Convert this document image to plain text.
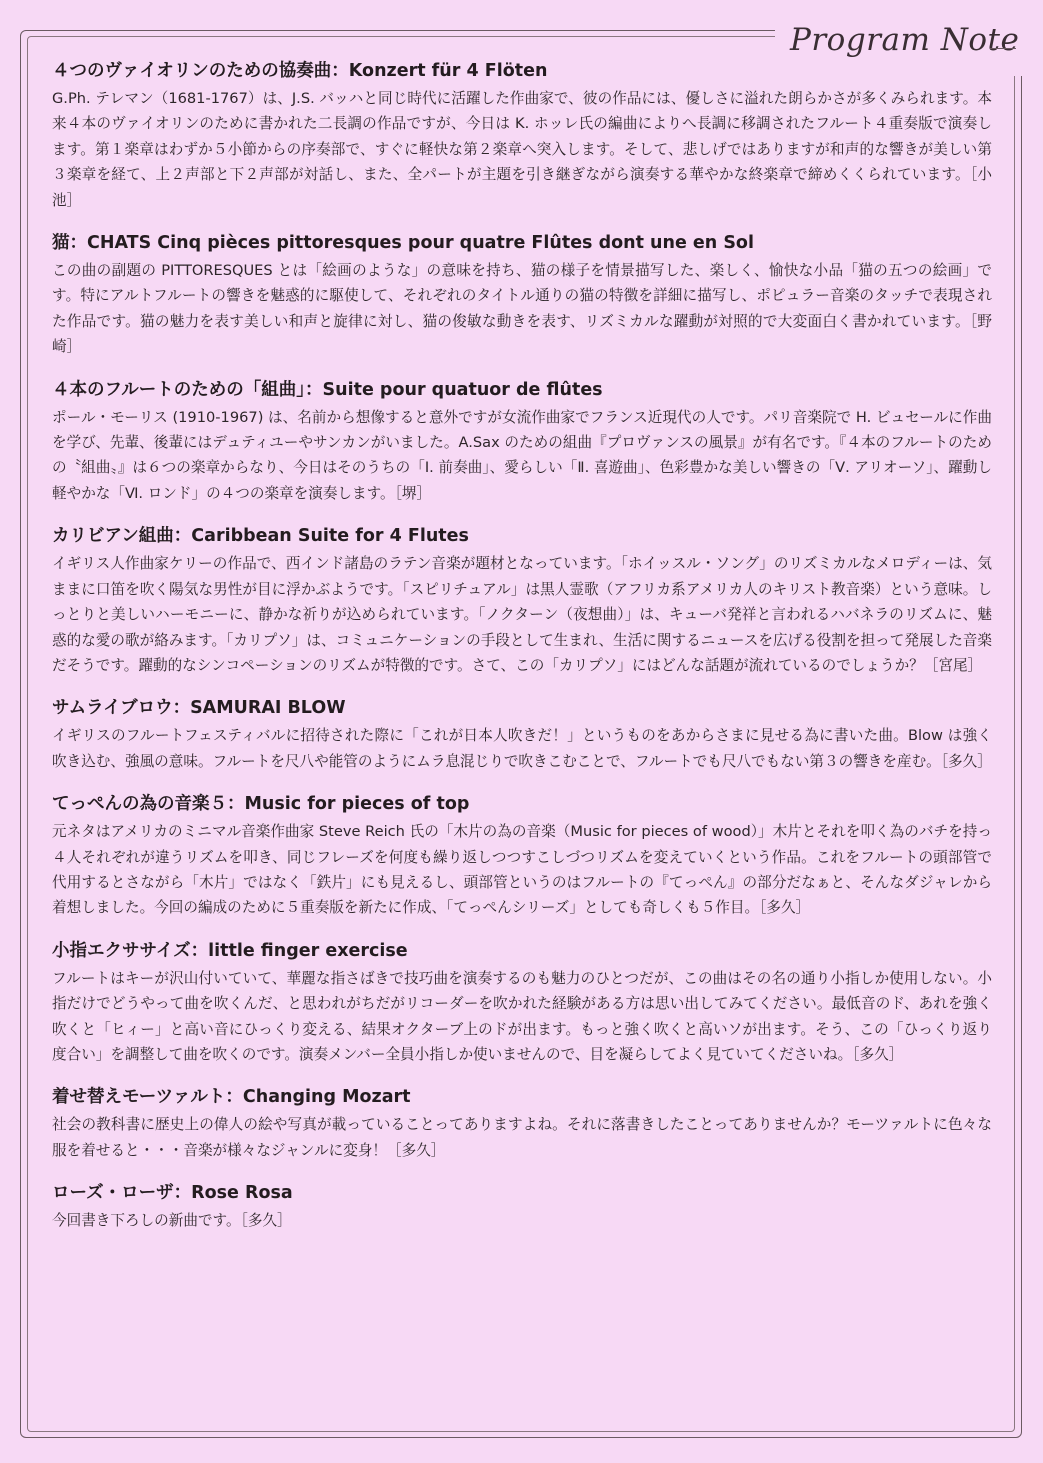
Program Note
４つのヴァイオリンのための協奏曲：Konzert für 4 Flöten
G.Ph. テレマン（1681-1767）は、J.S. バッハと同じ時代に活躍した作曲家で、彼の作品には、優しさに溢れた朗らかさが多くみられます。本来４本のヴァイオリンのために書かれた二長調の作品ですが、今日は K. ホッレ氏の編曲によりへ長調に移調されたフルート４重奏版で演奏します。第１楽章はわずか５小節からの序奏部で、すぐに軽快な第２楽章へ突入します。そして、悲しげではありますが和声的な響きが美しい第３楽章を経て、上２声部と下２声部が対話し、また、全パートが主題を引き継ぎながら演奏する華やかな終楽章で締めくくられています。［小池］
猫：CHATS Cinq pièces pittoresques pour quatre Flûtes dont une en Sol
この曲の副題の PITTORESQUES とは「絵画のような」の意味を持ち、猫の様子を情景描写した、楽しく、愉快な小品「猫の五つの絵画」です。特にアルトフルートの響きを魅惑的に駆使して、それぞれのタイトル通りの猫の特徴を詳細に描写し、ポピュラー音楽のタッチで表現された作品です。猫の魅力を表す美しい和声と旋律に対し、猫の俊敏な動きを表す、リズミカルな躍動が対照的で大変面白く書かれています。［野崎］
４本のフルートのための「組曲」：Suite pour quatuor de flûtes
ポール・モーリス (1910-1967) は、名前から想像すると意外ですが女流作曲家でフランス近現代の人です。パリ音楽院で H. ビュセールに作曲を学び、先輩、後輩にはデュティユーやサンカンがいました。A.Sax のための組曲『プロヴァンスの風景』が有名です。『４本のフルートのための〝組曲〟』は６つの楽章からなり、今日はそのうちの「Ⅰ. 前奏曲」、愛らしい「Ⅱ. 喜遊曲」、色彩豊かな美しい響きの「Ⅴ. アリオーソ」、躍動し軽やかな「Ⅵ. ロンド」の４つの楽章を演奏します。［堺］
カリビアン組曲：Caribbean Suite for 4 Flutes
イギリス人作曲家ケリーの作品で、西インド諸島のラテン音楽が題材となっています。「ホイッスル・ソング」のリズミカルなメロディーは、気ままに口笛を吹く陽気な男性が目に浮かぶようです。「スピリチュアル」は黒人霊歌（アフリカ系アメリカ人のキリスト教音楽）という意味。しっとりと美しいハーモニーに、静かな祈りが込められています。「ノクターン（夜想曲）」は、キューバ発祥と言われるハバネラのリズムに、魅惑的な愛の歌が絡みます。「カリプソ」は、コミュニケーションの手段として生まれ、生活に関するニュースを広げる役割を担って発展した音楽だそうです。躍動的なシンコペーションのリズムが特徴的です。さて、この「カリプソ」にはどんな話題が流れているのでしょうか？［宮尾］
サムライブロウ：SAMURAI BLOW
イギリスのフルートフェスティバルに招待された際に「これが日本人吹きだ！」というものをあからさまに見せる為に書いた曲。Blow は強く吹き込む、強風の意味。フルートを尺八や能管のようにムラ息混じりで吹きこむことで、フルートでも尺八でもない第３の響きを産む。［多久］
てっぺんの為の音楽５：Music for pieces of top
元ネタはアメリカのミニマル音楽作曲家 Steve Reich 氏の「木片の為の音楽（Music for pieces of wood）」木片とそれを叩く為のバチを持っ４人それぞれが違うリズムを叩き、同じフレーズを何度も繰り返しつつすこしづつリズムを変えていくという作品。これをフルートの頭部管で代用するとさながら「木片」ではなく「鉄片」にも見えるし、頭部管というのはフルートの『てっぺん』の部分だなぁと、そんなダジャレから着想しました。今回の編成のために５重奏版を新たに作成、「てっぺんシリーズ」としても奇しくも５作目。［多久］
小指エクササイズ：little finger exercise
フルートはキーが沢山付いていて、華麗な指さばきで技巧曲を演奏するのも魅力のひとつだが、この曲はその名の通り小指しか使用しない。小指だけでどうやって曲を吹くんだ、と思われがちだがリコーダーを吹かれた経験がある方は思い出してみてください。最低音のド、あれを強く吹くと「ヒィー」と高い音にひっくり変える、結果オクターブ上のドが出ます。もっと強く吹くと高いソが出ます。そう、この「ひっくり返り度合い」を調整して曲を吹くのです。演奏メンバー全員小指しか使いませんので、目を凝らしてよく見ていてくださいね。［多久］
着せ替えモーツァルト：Changing Mozart
社会の教科書に歴史上の偉人の絵や写真が載っていることってありますよね。それに落書きしたことってありませんか？モーツァルトに色々な服を着せると・・・音楽が様々なジャンルに変身！［多久］
ローズ・ローザ：Rose Rosa
今回書き下ろしの新曲です。［多久］
